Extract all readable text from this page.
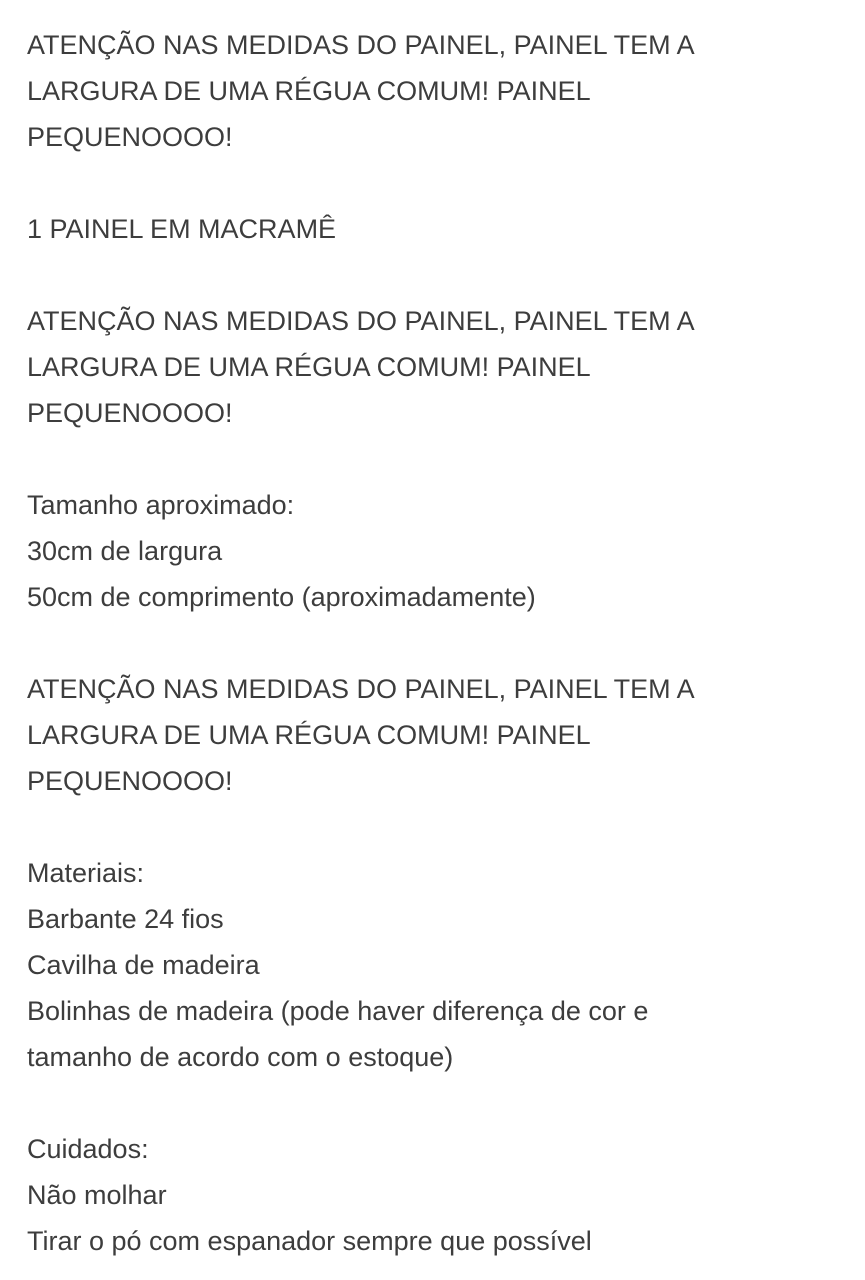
ATENÇÃO NAS MEDIDAS DO PAINEL, PAINEL TEM A
LARGURA DE UMA RÉGUA COMUM! PAINEL
PEQUENOOOO!
1 PAINEL EM MACRAMÊ
ATENÇÃO NAS MEDIDAS DO PAINEL, PAINEL TEM A
LARGURA DE UMA RÉGUA COMUM! PAINEL
PEQUENOOOO!
Tamanho aproximado:
30cm de largura
50cm de comprimento (aproximadamente)
ATENÇÃO NAS MEDIDAS DO PAINEL, PAINEL TEM A
LARGURA DE UMA RÉGUA COMUM! PAINEL
PEQUENOOOO!
Materiais:
Barbante 24 fios
Cavilha de madeira
Bolinhas de madeira (pode haver diferença de cor e
tamanho de acordo com o estoque)
Cuidados:
Não molhar
Tirar o pó com espanador sempre que possível
